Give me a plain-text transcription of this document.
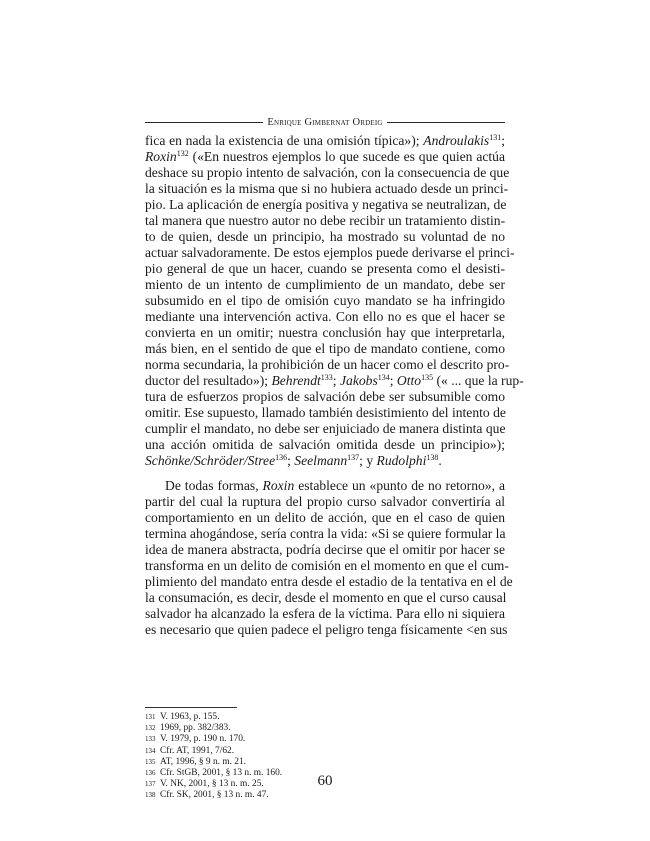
Enrique Gimbernat Ordeig
fica en nada la existencia de una omisión típica»); Androulakis$^{131}$;
Roxin$^{132}$ («En nuestros ejemplos lo que sucede es que quien actúa
deshace su propio intento de salvación, con la consecuencia de que
la situación es la misma que si no hubiera actuado desde un princi-
pio. La aplicación de energía positiva y negativa se neutralizan, de
tal manera que nuestro autor no debe recibir un tratamiento distin-
to de quien, desde un principio, ha mostrado su voluntad de no
actuar salvadoramente. De estos ejemplos puede derivarse el princi-
pio general de que un hacer, cuando se presenta como el desisti-
miento de un intento de cumplimiento de un mandato, debe ser
subsumido en el tipo de omisión cuyo mandato se ha infringido
mediante una intervención activa. Con ello no es que el hacer se
convierta en un omitir; nuestra conclusión hay que interpretarla,
más bien, en el sentido de que el tipo de mandato contiene, como
norma secundaria, la prohibición de un hacer como el descrito pro-
ductor del resultado»); Behrendt$^{133}$; Jakobs$^{134}$; Otto$^{135}$ (« ... que la rup-
tura de esfuerzos propios de salvación debe ser subsumible como
omitir. Ese supuesto, llamado también desistimiento del intento de
cumplir el mandato, no debe ser enjuiciado de manera distinta que
una acción omitida de salvación omitida desde un principio»);
Schönke/Schröder/Stree$^{136}$; Seelmann$^{137}$; y Rudolphi$^{138}$.
De todas formas, Roxin establece un «punto de no retorno», a
partir del cual la ruptura del propio curso salvador convertiría al
comportamiento en un delito de acción, que en el caso de quien
termina ahogándose, sería contra la vida: «Si se quiere formular la
idea de manera abstracta, podría decirse que el omitir por hacer se
transforma en un delito de comisión en el momento en que el cum-
plimiento del mandato entra desde el estadio de la tentativa en el de
la consumación, es decir, desde el momento en que el curso causal
salvador ha alcanzado la esfera de la víctima. Para ello ni siquiera
es necesario que quien padece el peligro tenga físicamente <en sus
131 V. 1963, p. 155.
132 1969, pp. 382/383.
133 V. 1979, p. 190 n. 170.
134 Cfr. AT, 1991, 7/62.
135 AT, 1996, § 9 n. m. 21.
136 Cfr. StGB, 2001, § 13 n. m. 160.
137 V. NK, 2001, § 13 n. m. 25.
138 Cfr. SK, 2001, § 13 n. m. 47.
60
